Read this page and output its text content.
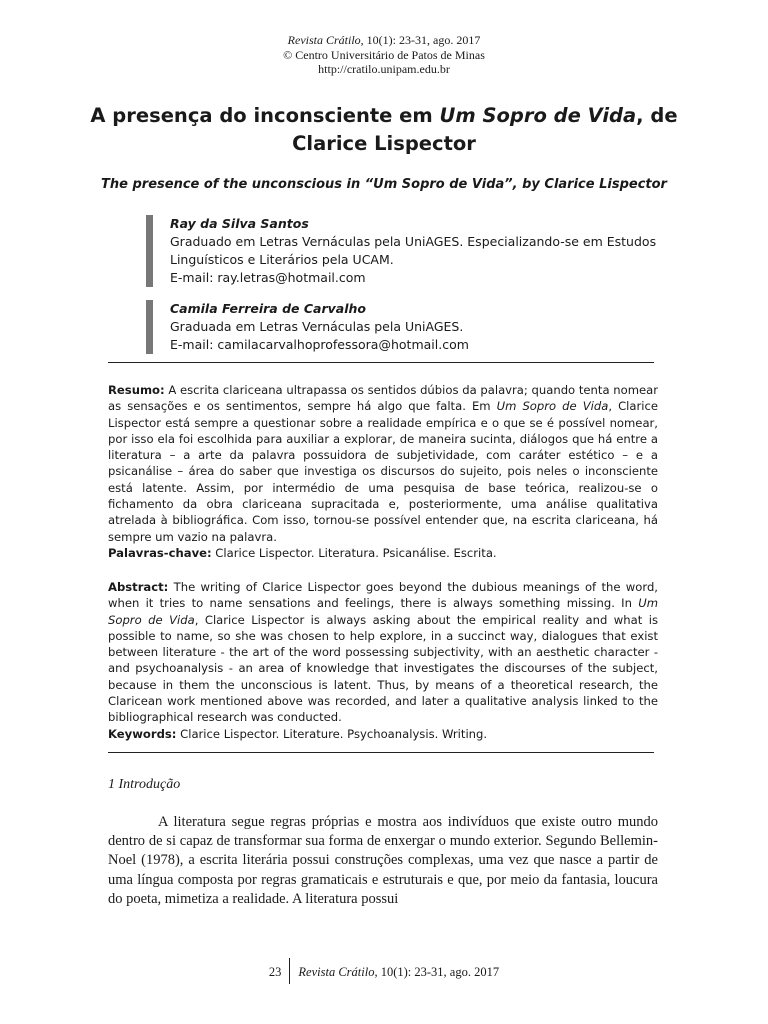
Revista Crátilo, 10(1): 23-31, ago. 2017
© Centro Universitário de Patos de Minas
http://cratilo.unipam.edu.br
A presença do inconsciente em Um Sopro de Vida, de
Clarice Lispector
The presence of the unconscious in “Um Sopro de Vida”, by Clarice Lispector
Ray da Silva Santos
Graduado em Letras Vernáculas pela UniAGES. Especializando-se em Estudos
Linguísticos e Literários pela UCAM.
E-mail: ray.letras@hotmail.com
Camila Ferreira de Carvalho
Graduada em Letras Vernáculas pela UniAGES.
E-mail: camilacarvalhoprofessora@hotmail.com
Resumo: A escrita clariceana ultrapassa os sentidos dúbios da palavra; quando tenta nomear as sensações e os sentimentos, sempre há algo que falta. Em Um Sopro de Vida, Clarice Lispector está sempre a questionar sobre a realidade empírica e o que se é possível nomear, por isso ela foi escolhida para auxiliar a explorar, de maneira sucinta, diálogos que há entre a literatura – a arte da palavra possuidora de subjetividade, com caráter estético – e a psicanálise – área do saber que investiga os discursos do sujeito, pois neles o inconsciente está latente. Assim, por intermédio de uma pesquisa de base teórica, realizou-se o fichamento da obra clariceana supracitada e, posteriormente, uma análise qualitativa atrelada à bibliográfica. Com isso, tornou-se possível entender que, na escrita clariceana, há sempre um vazio na palavra.
Palavras-chave: Clarice Lispector. Literatura. Psicanálise. Escrita.
Abstract: The writing of Clarice Lispector goes beyond the dubious meanings of the word, when it tries to name sensations and feelings, there is always something missing. In Um Sopro de Vida, Clarice Lispector is always asking about the empirical reality and what is possible to name, so she was chosen to help explore, in a succinct way, dialogues that exist between literature - the art of the word possessing subjectivity, with an aesthetic character - and psychoanalysis - an area of knowledge that investigates the discourses of the subject, because in them the unconscious is latent. Thus, by means of a theoretical research, the Claricean work mentioned above was recorded, and later a qualitative analysis linked to the bibliographical research was conducted.
Keywords: Clarice Lispector. Literature. Psychoanalysis. Writing.
1 Introdução
A literatura segue regras próprias e mostra aos indivíduos que existe outro mundo dentro de si capaz de transformar sua forma de enxergar o mundo exterior. Segundo Bellemin-Noel (1978), a escrita literária possui construções complexas, uma vez que nasce a partir de uma língua composta por regras gramaticais e estruturais e que, por meio da fantasia, loucura do poeta, mimetiza a realidade. A literatura possui
23 Revista Crátilo, 10(1): 23-31, ago. 2017
